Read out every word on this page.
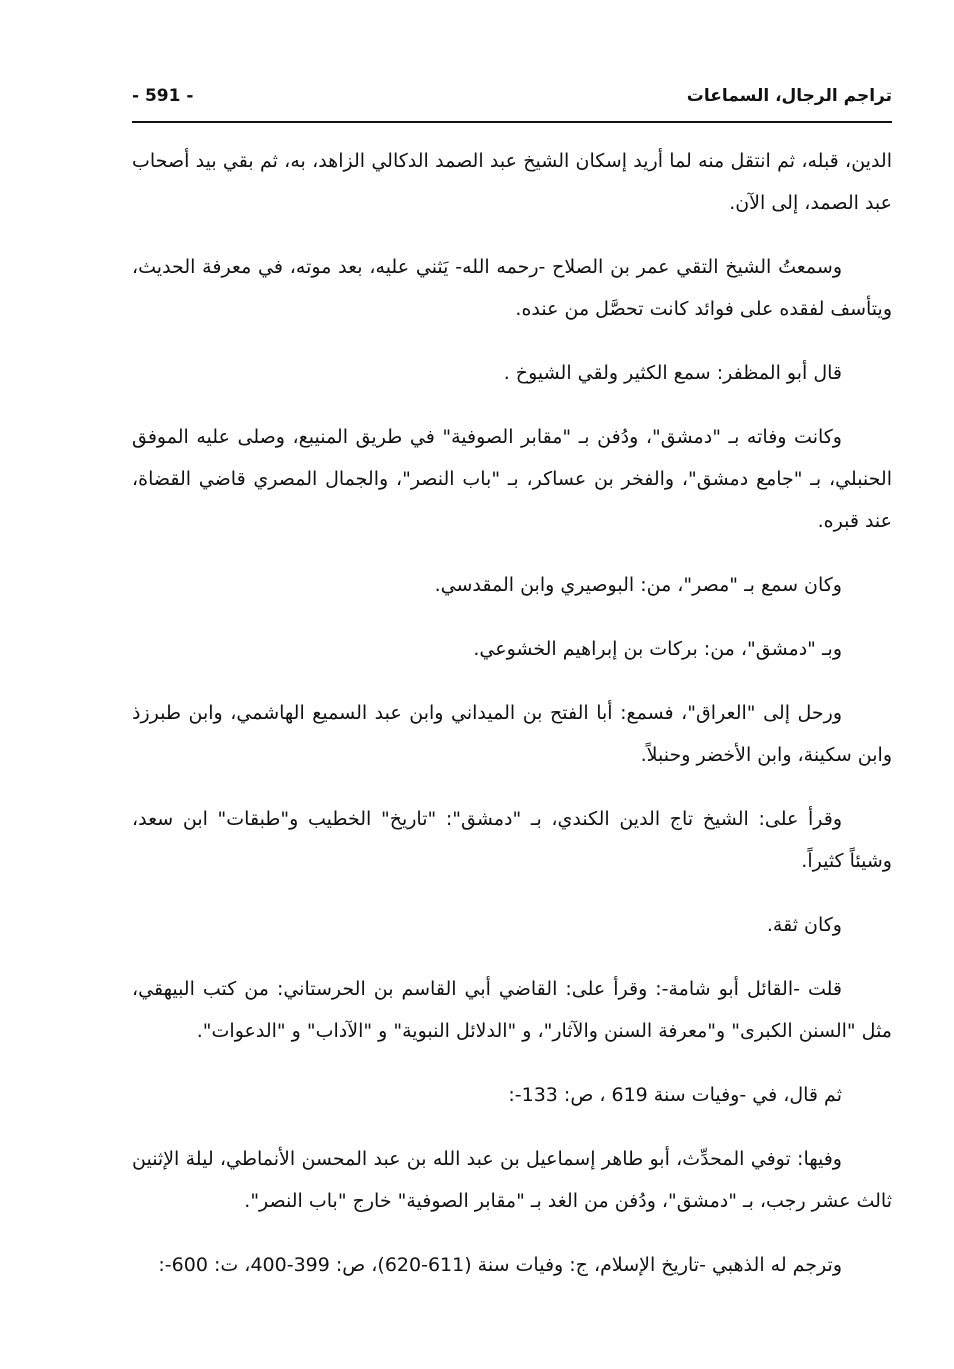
تراجم الرجال، السماعات
- 591 -

الدين، قبله، ثم انتقل منه لما أريد إسكان الشيخ عبد الصمد الدكالي الزاهد، به، ثم بقي بيد أصحاب عبد الصمد، إلى الآن.

وسمعتُ الشيخ التقي عمر بن الصلاح -رحمه الله- يَثني عليه، بعد موته، في معرفة الحديث، ويتأسف لفقده على فوائد كانت تحصَّل من عنده.

قال أبو المظفر: سمع الكثير ولقي الشيوخ .

وكانت وفاته بـ "دمشق"، ودُفن بـ "مقابر الصوفية" في طريق المنيبع، وصلى عليه الموفق الحنبلي، بـ "جامع دمشق"، والفخر بن عساكر، بـ "باب النصر"، والجمال المصري قاضي القضاة، عند قبره.

وكان سمع بـ "مصر"، من: البوصيري وابن المقدسي.

وبـ "دمشق"، من: بركات بن إبراهيم الخشوعي.

ورحل إلى "العراق"، فسمع: أبا الفتح بن الميداني وابن عبد السميع الهاشمي، وابن طبرزذ وابن سكينة، وابن الأخضر وحنبلاً.

وقرأ على: الشيخ تاج الدين الكندي، بـ "دمشق": "تاريخ" الخطيب و"طبقات" ابن سعد، وشيئاً كثيراً.

وكان ثقة.

قلت -القائل أبو شامة-: وقرأ على: القاضي أبي القاسم بن الحرستاني: من كتب البيهقي، مثل "السنن الكبرى" و"معرفة السنن والآثار"، و "الدلائل النبوية" و "الآداب" و "الدعوات".

ثم قال، في -وفيات سنة 619 ، ص: 133-:

وفيها: توفي المحدِّث، أبو طاهر إسماعيل بن عبد الله بن عبد المحسن الأنماطي، ليلة الإثنين ثالث عشر رجب، بـ "دمشق"، ودُفن من الغد بـ "مقابر الصوفية" خارج "باب النصر".

وترجم له الذهبي -تاريخ الإسلام، ج: وفيات سنة (611-620)، ص: 399-400، ت: 600-:
